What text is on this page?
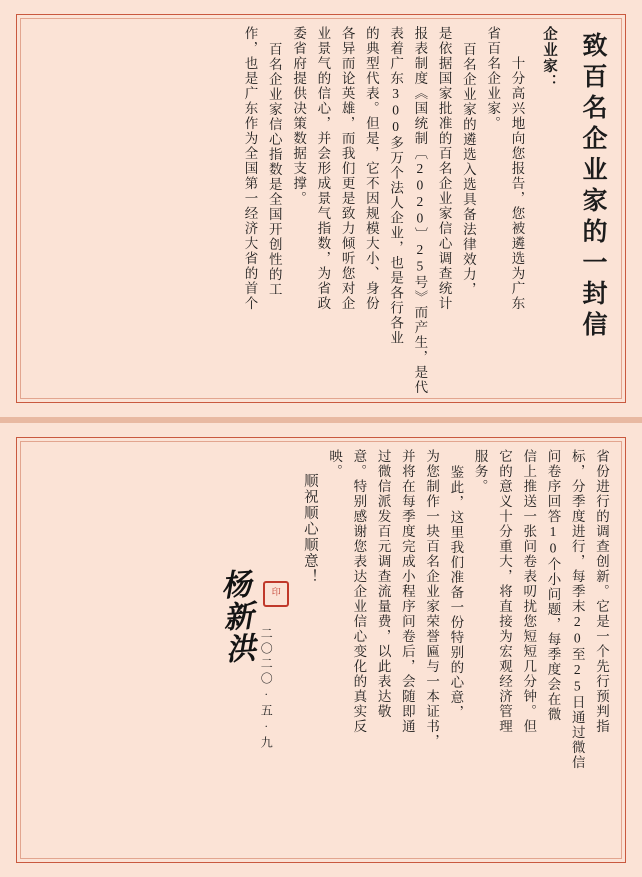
致百名企业家的一封信
企业家：
十分高兴地向您报告，您被遴选为广东
省百名企业家。
百名企业家的遴选入选具备法律效力，
是依据国家批准的百名企业家信心调查统计
报表制度《国统制〔2020〕25号》而产生，是代
表着广东300多万个法人企业，也是各行各业
的典型代表。但是，它不因规模大小、身份
各异而论英雄，而我们更是致力倾听您对企
业景气的信心，并会形成景气指数，为省政
委省府提供决策数据支撑。
百名企业家信心指数是全国开创性的工
作，也是广东作为全国第一经济大省的首个
省份进行的调查创新。它是一个先行预判指
标，分季度进行，每季末20至25日通过微信
问卷序回答10个小问题，每季度会在微
信上推送一张问卷表叨扰您短短几分钟。但
它的意义十分重大，将直接为宏观经济管理
服务。
鉴此，这里我们准备一份特别的心意，
为您制作一块百名企业家荣誉匾与一本证书，
并将在每季度完成小程序问卷后，会随即通
过微信派发百元调查流量费，以此表达敬
意。特别感谢您表达企业信心变化的真实反
映。
顺祝顺心顺意！
杨新洪
二〇二〇·五·九
印
